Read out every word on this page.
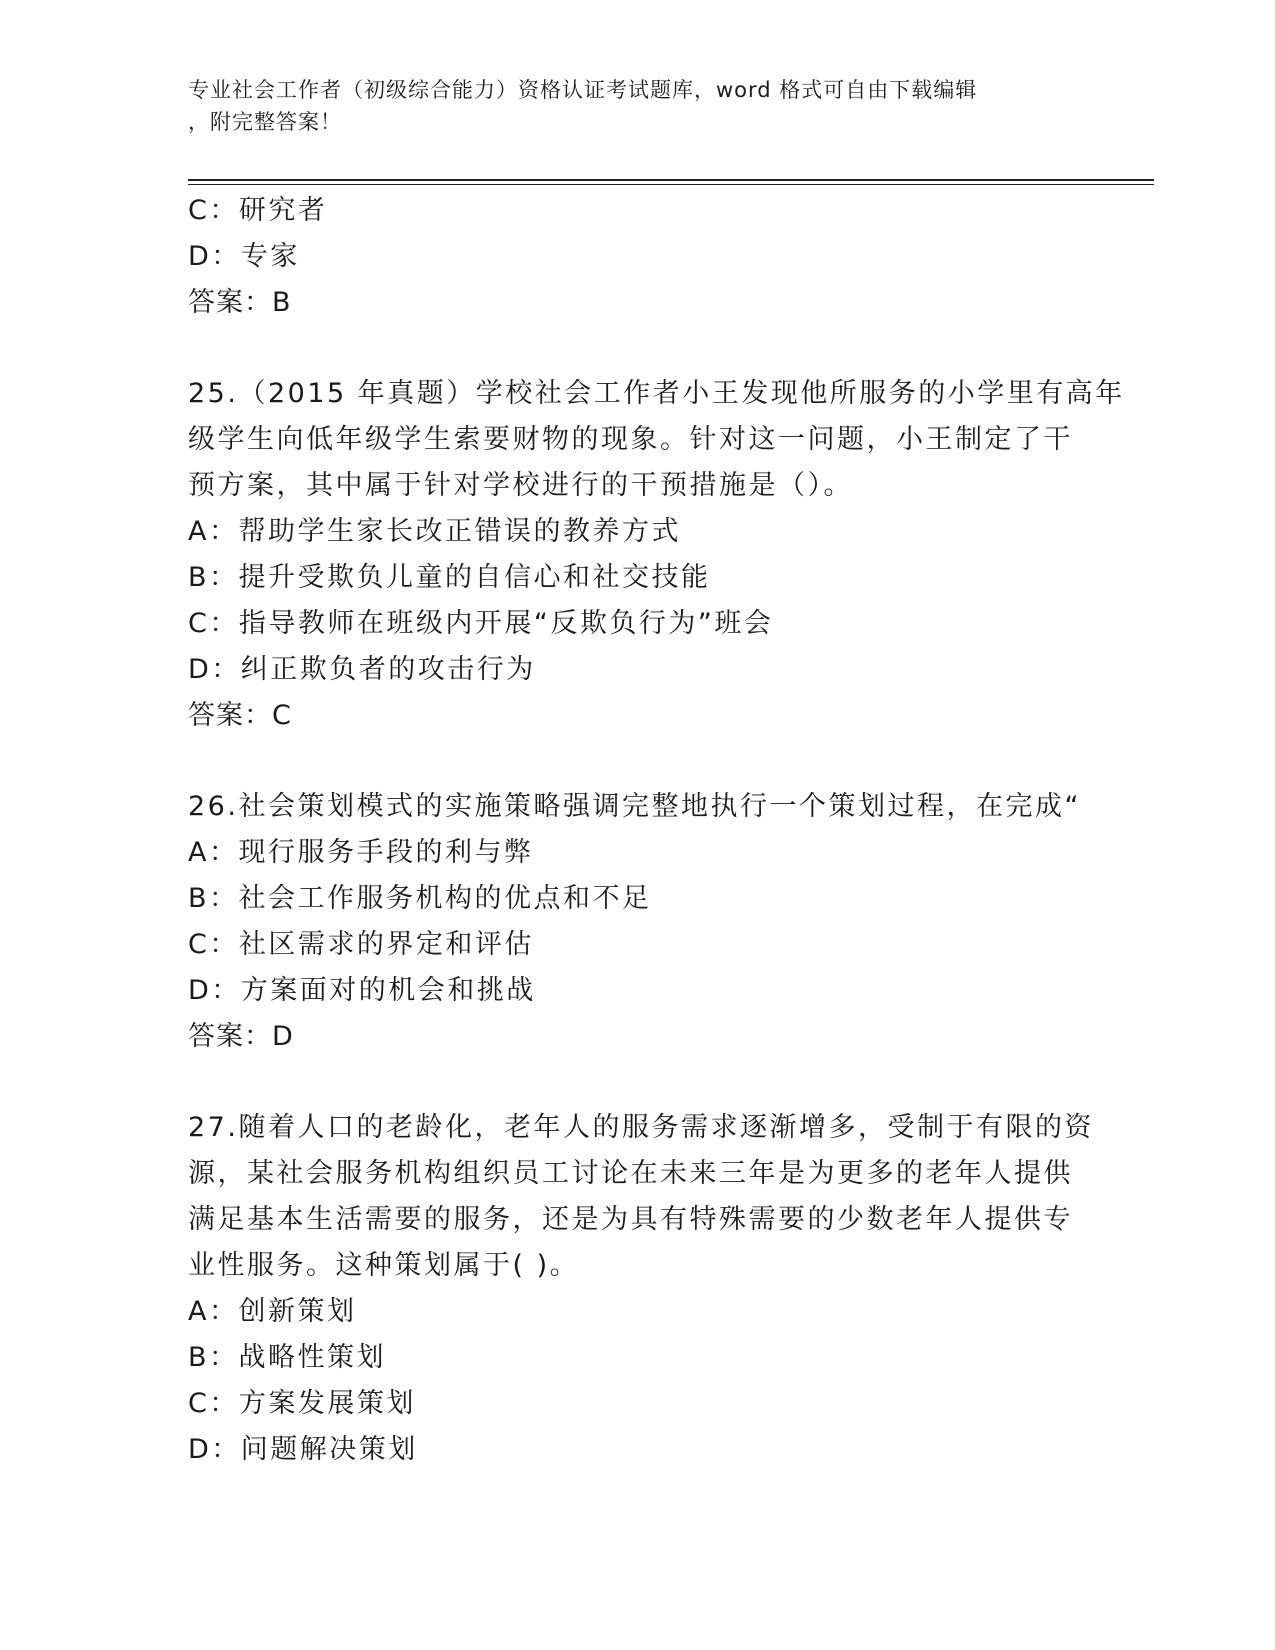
专业社会工作者（初级综合能力）资格认证考试题库，word 格式可自由下载编辑
，附完整答案！
C：研究者
D：专家
答案：B
25.（2015 年真题）学校社会工作者小王发现他所服务的小学里有高年
级学生向低年级学生索要财物的现象。针对这一问题，小王制定了干
预方案，其中属于针对学校进行的干预措施是（）。
A：帮助学生家长改正错误的教养方式
B：提升受欺负儿童的自信心和社交技能
C：指导教师在班级内开展“反欺负行为”班会
D：纠正欺负者的攻击行为
答案：C
26.社会策划模式的实施策略强调完整地执行一个策划过程，在完成“
A：现行服务手段的利与弊
B：社会工作服务机构的优点和不足
C：社区需求的界定和评估
D：方案面对的机会和挑战
答案：D
27.随着人口的老龄化，老年人的服务需求逐渐增多，受制于有限的资
源，某社会服务机构组织员工讨论在未来三年是为更多的老年人提供
满足基本生活需要的服务，还是为具有特殊需要的少数老年人提供专
业性服务。这种策划属于( )。
A：创新策划
B：战略性策划
C：方案发展策划
D：问题解决策划
